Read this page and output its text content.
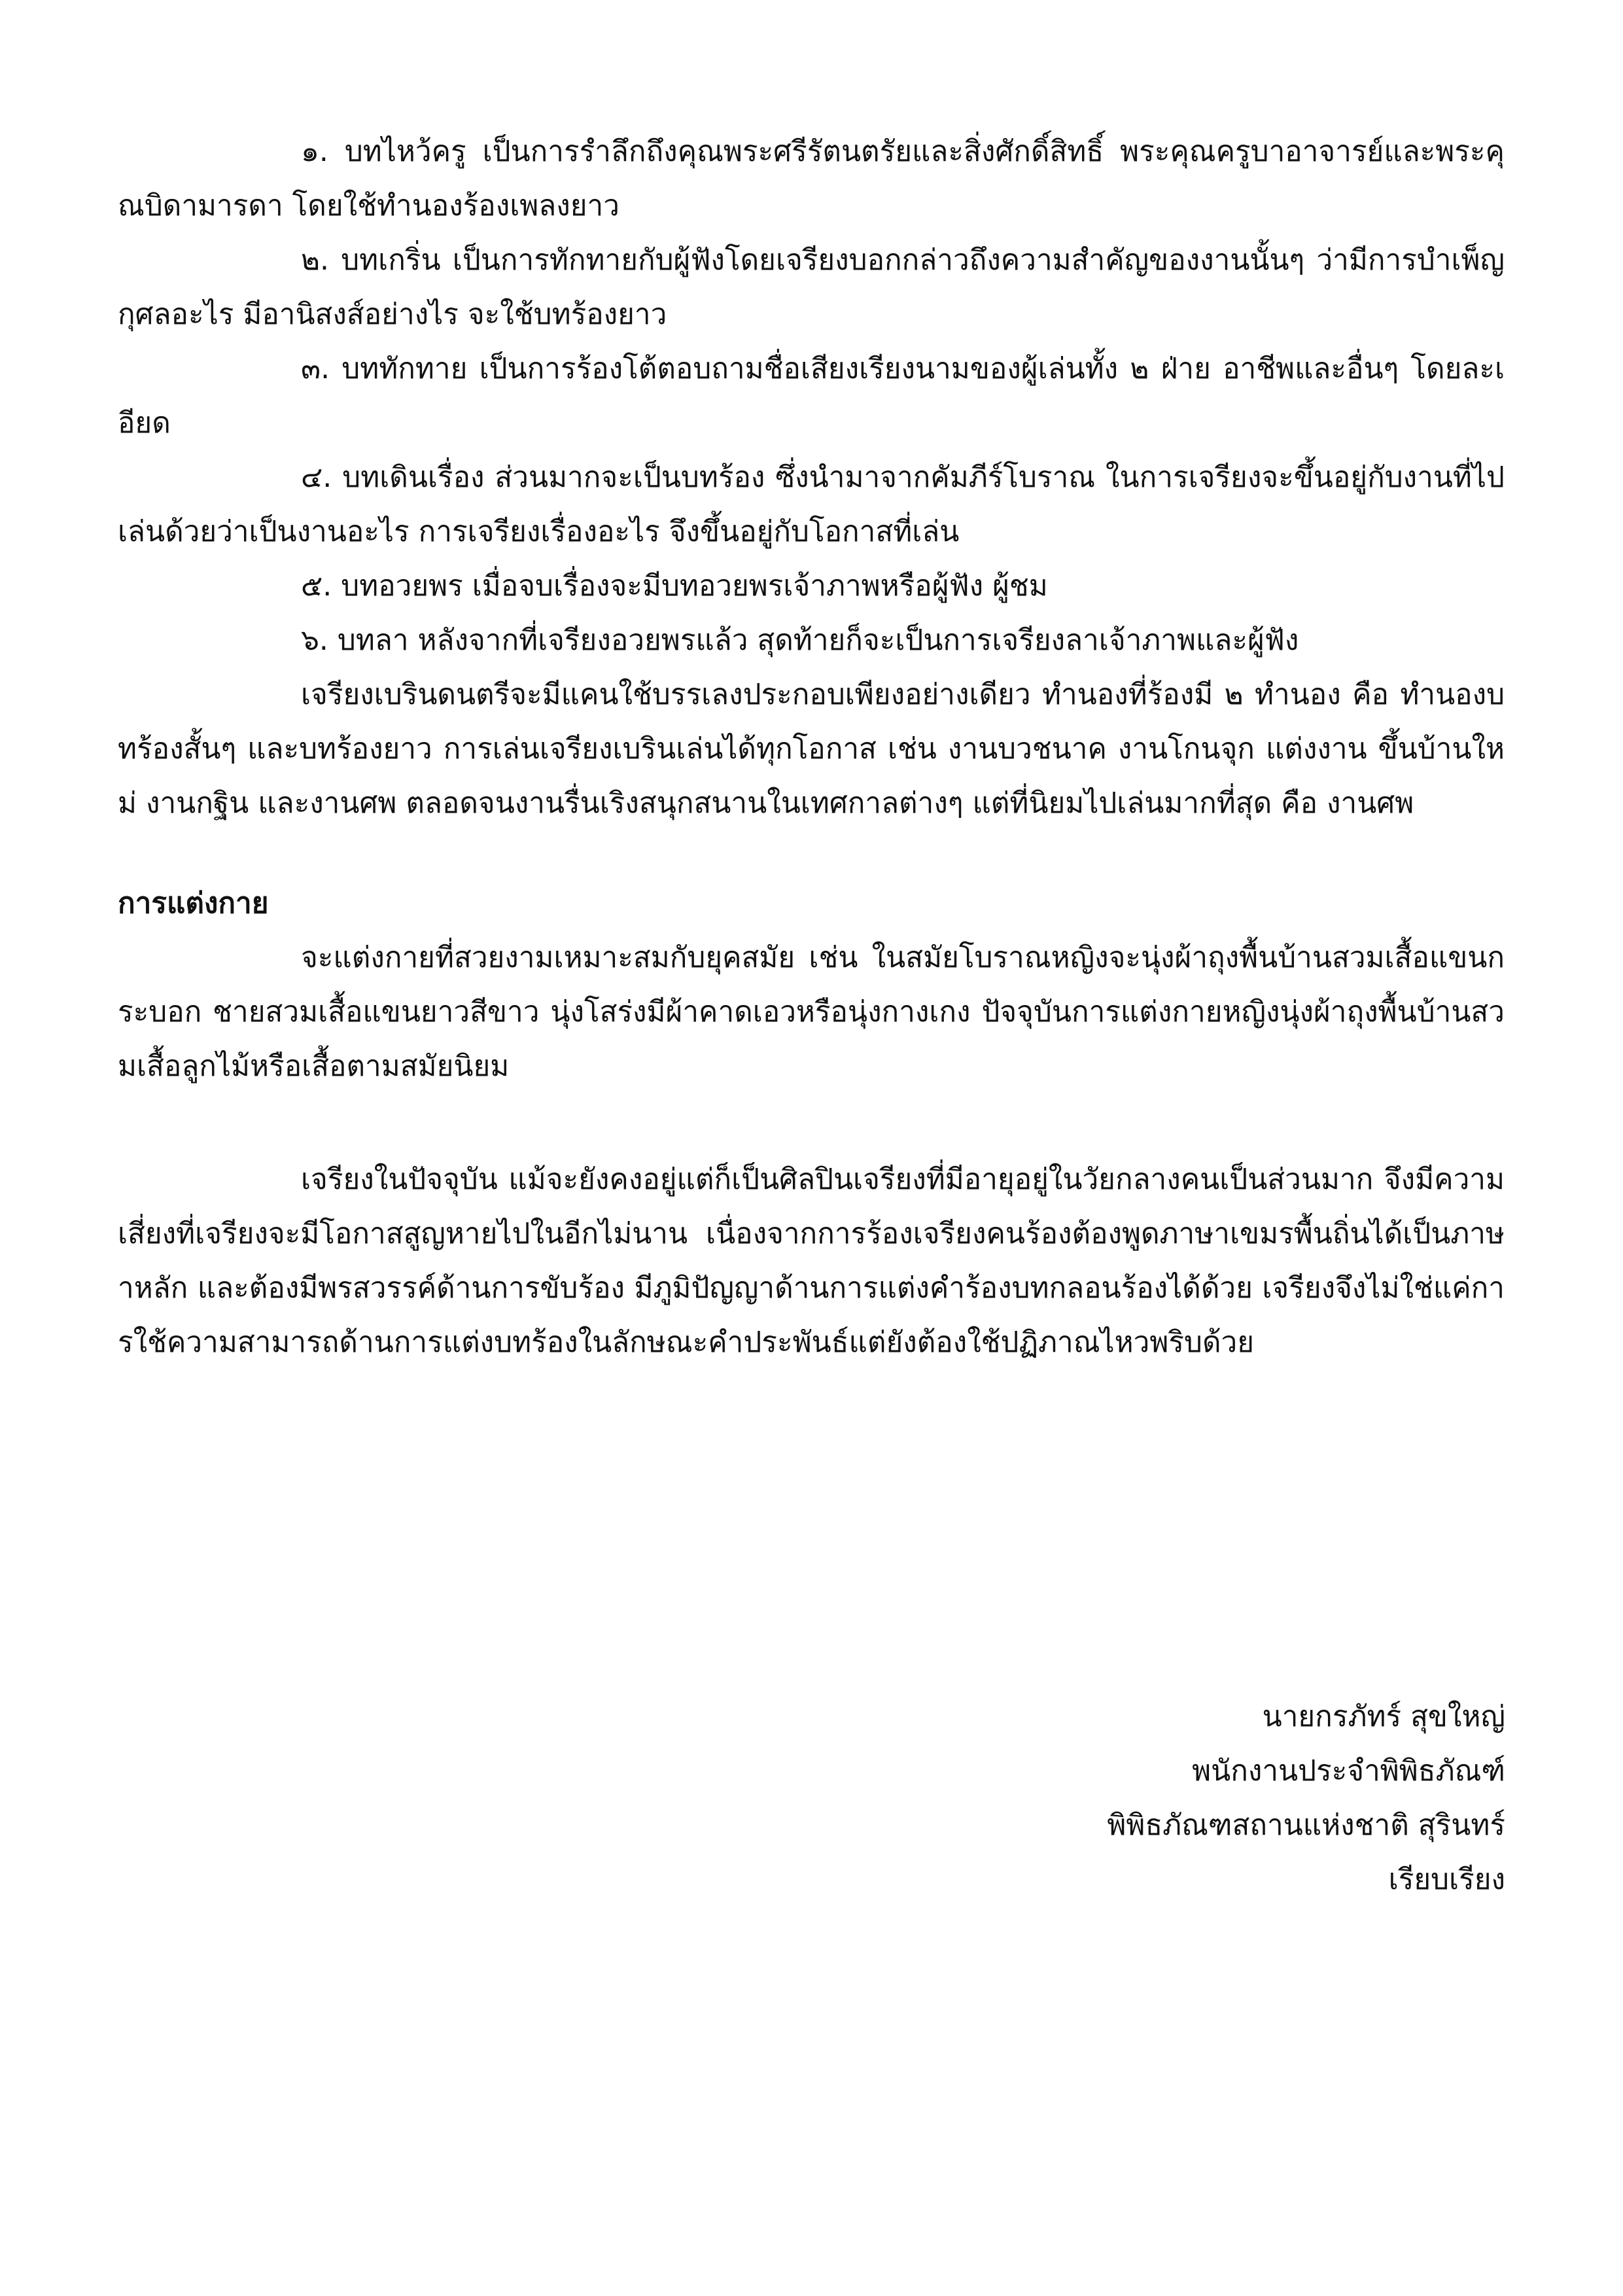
๑. บทไหว้ครู เป็นการรำลึกถึงคุณพระศรีรัตนตรัยและสิ่งศักดิ์สิทธิ์ พระคุณครูบาอาจารย์และพระคุณบิดามารดา โดยใช้ทำนองร้องเพลงยาว

๒. บทเกริ่น เป็นการทักทายกับผู้ฟังโดยเจรียงบอกกล่าวถึงความสำคัญของงานนั้นๆ ว่ามีการบำเพ็ญกุศลอะไร มีอานิสงส์อย่างไร จะใช้บทร้องยาว

๓. บททักทาย เป็นการร้องโต้ตอบถามชื่อเสียงเรียงนามของผู้เล่นทั้ง ๒ ฝ่าย อาชีพและอื่นๆ โดยละเอียด

๔. บทเดินเรื่อง ส่วนมากจะเป็นบทร้อง ซึ่งนำมาจากคัมภีร์โบราณ ในการเจรียงจะขึ้นอยู่กับงานที่ไปเล่นด้วยว่าเป็นงานอะไร การเจรียงเรื่องอะไร จึงขึ้นอยู่กับโอกาสที่เล่น

๕. บทอวยพร เมื่อจบเรื่องจะมีบทอวยพรเจ้าภาพหรือผู้ฟัง ผู้ชม

๖. บทลา หลังจากที่เจรียงอวยพรแล้ว สุดท้ายก็จะเป็นการเจรียงลาเจ้าภาพและผู้ฟัง

เจรียงเบรินดนตรีจะมีแคนใช้บรรเลงประกอบเพียงอย่างเดียว ทำนองที่ร้องมี ๒ ทำนอง คือ ทำนองบทร้องสั้นๆ และบทร้องยาว การเล่นเจรียงเบรินเล่นได้ทุกโอกาส เช่น งานบวชนาค งานโกนจุก แต่งงาน ขึ้นบ้านใหม่ งานกฐิน และงานศพ ตลอดจนงานรื่นเริงสนุกสนานในเทศกาลต่างๆ แต่ที่นิยมไปเล่นมากที่สุด คือ งานศพ

การแต่งกาย

จะแต่งกายที่สวยงามเหมาะสมกับยุคสมัย เช่น ในสมัยโบราณหญิงจะนุ่งผ้าถุงพื้นบ้านสวมเสื้อแขนกระบอก ชายสวมเสื้อแขนยาวสีขาว นุ่งโสร่งมีผ้าคาดเอวหรือนุ่งกางเกง ปัจจุบันการแต่งกายหญิงนุ่งผ้าถุงพื้นบ้านสวมเสื้อลูกไม้หรือเสื้อตามสมัยนิยม

เจรียงในปัจจุบัน แม้จะยังคงอยู่แต่ก็เป็นศิลปินเจรียงที่มีอายุอยู่ในวัยกลางคนเป็นส่วนมาก จึงมีความเสี่ยงที่เจรียงจะมีโอกาสสูญหายไปในอีกไม่นาน เนื่องจากการร้องเจรียงคนร้องต้องพูดภาษาเขมรพื้นถิ่นได้เป็นภาษาหลัก และต้องมีพรสวรรค์ด้านการขับร้อง มีภูมิปัญญาด้านการแต่งคำร้องบทกลอนร้องได้ด้วย เจรียงจึงไม่ใช่แค่การใช้ความสามารถด้านการแต่งบทร้องในลักษณะคำประพันธ์แต่ยังต้องใช้ปฏิภาณไหวพริบด้วย

นายกรภัทร์ สุขใหญ่
พนักงานประจำพิพิธภัณฑ์
พิพิธภัณฑสถานแห่งชาติ สุรินทร์
เรียบเรียง
